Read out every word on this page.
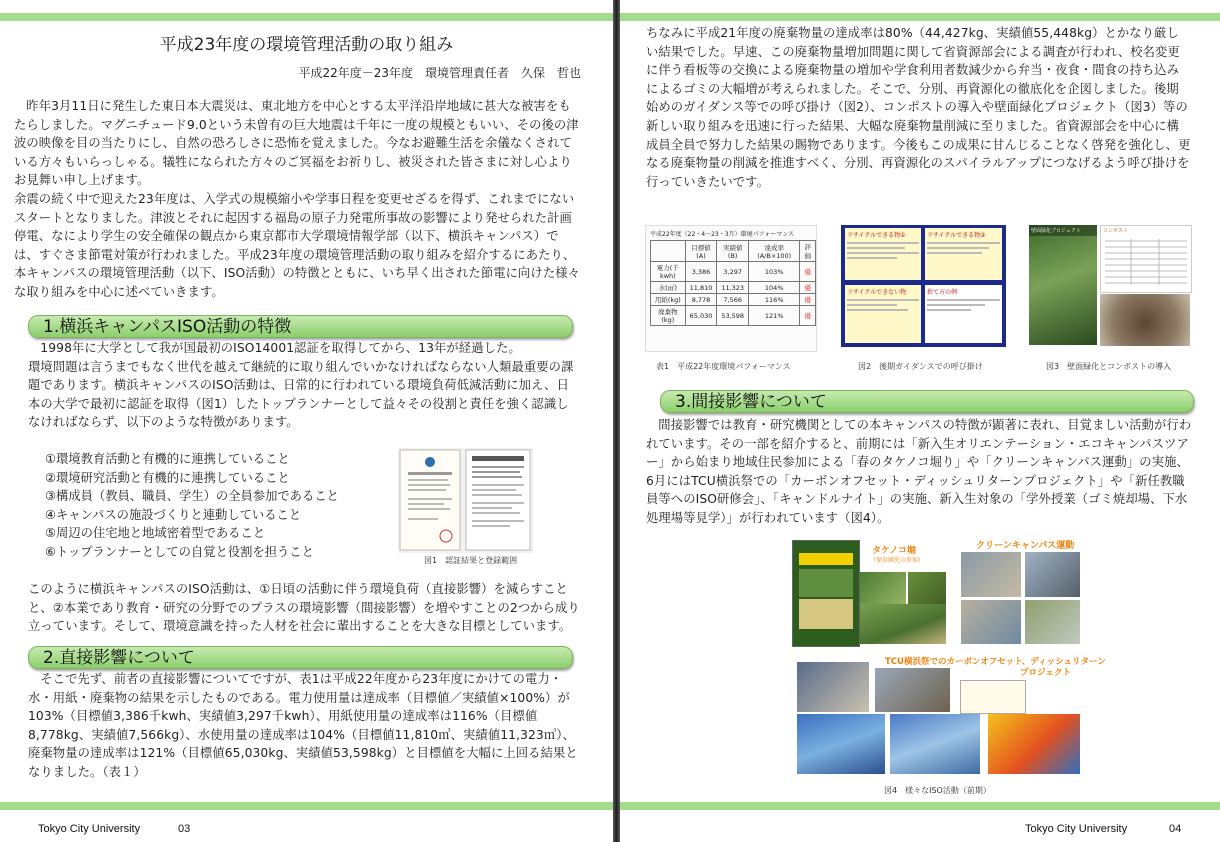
平成23年度の環境管理活動の取り組み
平成22年度－23年度　環境管理責任者　久保　哲也

昨年3月11日に発生した東日本大震災は、東北地方を中心とする太平洋沿岸地域に甚大な被害をもたらしました。マグニチュード9.0という未曽有の巨大地震は千年に一度の規模ともいい、その後の津波の映像を目の当たりにし、自然の恐ろしさに恐怖を覚えました。今なお避難生活を余儀なくされている方々もいらっしゃる。犠牲になられた方々のご冥福をお祈りし、被災された皆さまに対し心よりお見舞い申し上げます。

余震の続く中で迎えた23年度は、入学式の規模縮小や学事日程を変更せざるを得ず、これまでにないスタートとなりました。津波とそれに起因する福島の原子力発電所事故の影響により発せられた計画停電、なにより学生の安全確保の観点から東京都市大学環境情報学部（以下、横浜キャンパス）では、すぐさま節電対策が行われました。平成23年度の環境管理活動の取り組みを紹介するにあたり、本キャンパスの環境管理活動（以下、ISO活動）の特徴とともに、いち早く出された節電に向けた様々な取り組みを中心に述べていきます。

1.横浜キャンパスISO活動の特徴

1998年に大学として我が国最初のISO14001認証を取得してから、13年が経過した。

環境問題は言うまでもなく世代を越えて継続的に取り組んでいかなければならない人類最重要の課題であります。横浜キャンパスのISO活動は、日常的に行われている環境負荷低減活動に加え、日本の大学で最初に認証を取得（図1）したトップランナーとして益々その役割と責任を強く認識しなければならず、以下のような特徴があります。

①環境教育活動と有機的に連携していること
②環境研究活動と有機的に連携していること
③構成員（教員、職員、学生）の全員参加であること
④キャンパスの施設づくりと連動していること
⑤周辺の住宅地と地域密着型であること
⑥トップランナーとしての自覚と役割を担うこと
図1　認証結果と登録範囲

このように横浜キャンパスのISO活動は、①日頃の活動に伴う環境負荷（直接影響）を減らすことと、②本業であり教育・研究の分野でのプラスの環境影響（間接影響）を増やすことの2つから成り立っています。そして、環境意識を持った人材を社会に輩出することを大きな目標としています。

2.直接影響について

そこで先ず、前者の直接影響についてですが、表1は平成22年度から23年度にかけての電力・水・用紙・廃棄物の結果を示したものである。電力使用量は達成率（目標値／実績値×100%）が103%（目標値3,386千kwh、実績値3,297千kwh）、用紙使用量の達成率は116%（目標値8,778kg、実績値7,566kg）、水使用量の達成率は104%（目標値11,810㎥、実績値11,323㎥）、廃棄物量の達成率は121%（目標値65,030kg、実績値53,598kg）と目標値を大幅に上回る結果となりました。（表１）

Tokyo City University	03

ちなみに平成21年度の廃棄物量の達成率は80%（44,427kg、実績値55,448kg）とかなり厳しい結果でした。早速、この廃棄物量増加問題に関して省資源部会による調査が行われ、校名変更に伴う看板等の交換による廃棄物量の増加や学食利用者数減少から弁当・夜食・間食の持ち込みによるゴミの大幅増が考えられました。そこで、分別、再資源化の徹底化を企図しました。後期始めのガイダンス等での呼び掛け（図2）、コンポストの導入や壁面緑化プロジェクト（図3）等の新しい取り組みを迅速に行った結果、大幅な廃棄物量削減に至りました。省資源部会を中心に構成員全員で努力した結果の賜物であります。今後もこの成果に甘んじることなく啓発を強化し、更なる廃棄物量の削減を推進すべく、分別、再資源化のスパイラルアップにつなげるよう呼び掛けを行っていきたいです。

平成22年度（22・4～23・3月）環境パフォーマンス
	目標値(A)	実績値(B)	達成率(A/B×100)	評価
電力(千kwh)	3,386	3,297	103%	優
水(㎥)	11,810	11,323	104%	優
用紙(kg)	8,778	7,566	116%	優
廃棄物(kg)	65,030	53,598	121%	優
表1　平成22年度環境パフォーマンス
リサイクルできる物①	リサイクルできる物②
リサイクルできない物	捨て方の例
図2　後期ガイダンスでの呼び掛け
壁面緑化プロジェクト	コンポスト
図3　壁面緑化とコンポストの導入
3.間接影響について

間接影響では教育・研究機関としての本キャンパスの特徴が顕著に表れ、目覚ましい活動が行われています。その一部を紹介すると、前期には「新入生オリエンテーション・エコキャンパスツアー」から始まり地域住民参加による「春のタケノコ堀り」や「クリーンキャンパス運動」の実施、6月にはTCU横浜祭での「カーボンオフセット・ディッシュリターンプロジェクト」や「新任教職員等へのISO研修会」、「キャンドルナイト」の実施、新入生対象の「学外授業（ゴミ焼却場、下水処理場等見学）」が行われています（図4）。

タケノコ堀
（保育園児の参加）
クリーンキャンパス運動
TCU横浜祭でのカーボンオフセット、ディッシュリターン
プロジェクト
図4　様々なISO活動（前期）
Tokyo City University	04
